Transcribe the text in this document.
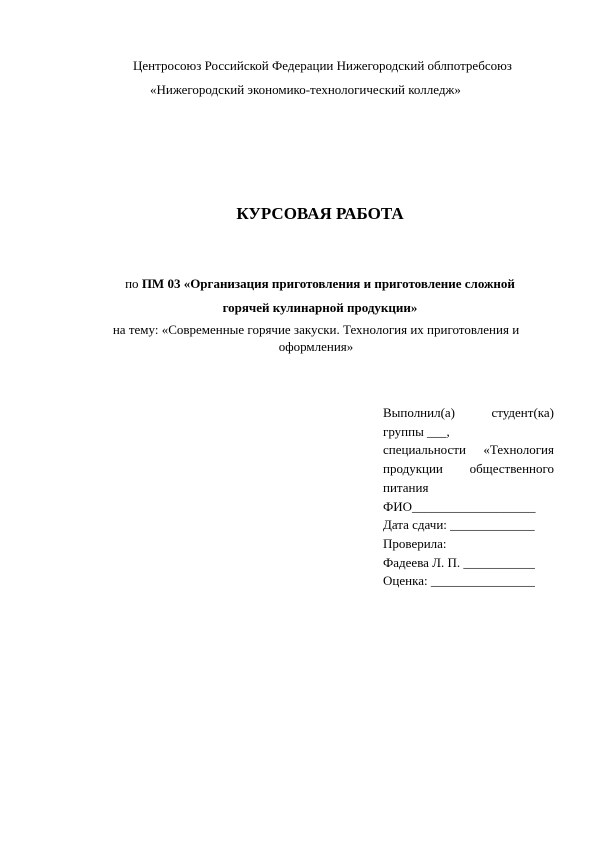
Центросоюз Российской Федерации Нижегородский облпотребсоюз
«Нижегородский экономико-технологический колледж»
КУРСОВАЯ РАБОТА
по ПМ 03 «Организация приготовления и приготовление сложной
горячей кулинарной продукции»
на тему: «Современные горячие закуски. Технология их приготовления и
оформления»
Выполнил(а) студент(ка)
группы ___,
специальности «Технология
продукции общественного
питания
ФИО___________________
Дата сдачи: _____________
Проверила:
Фадеева Л. П. ___________
Оценка: ________________
